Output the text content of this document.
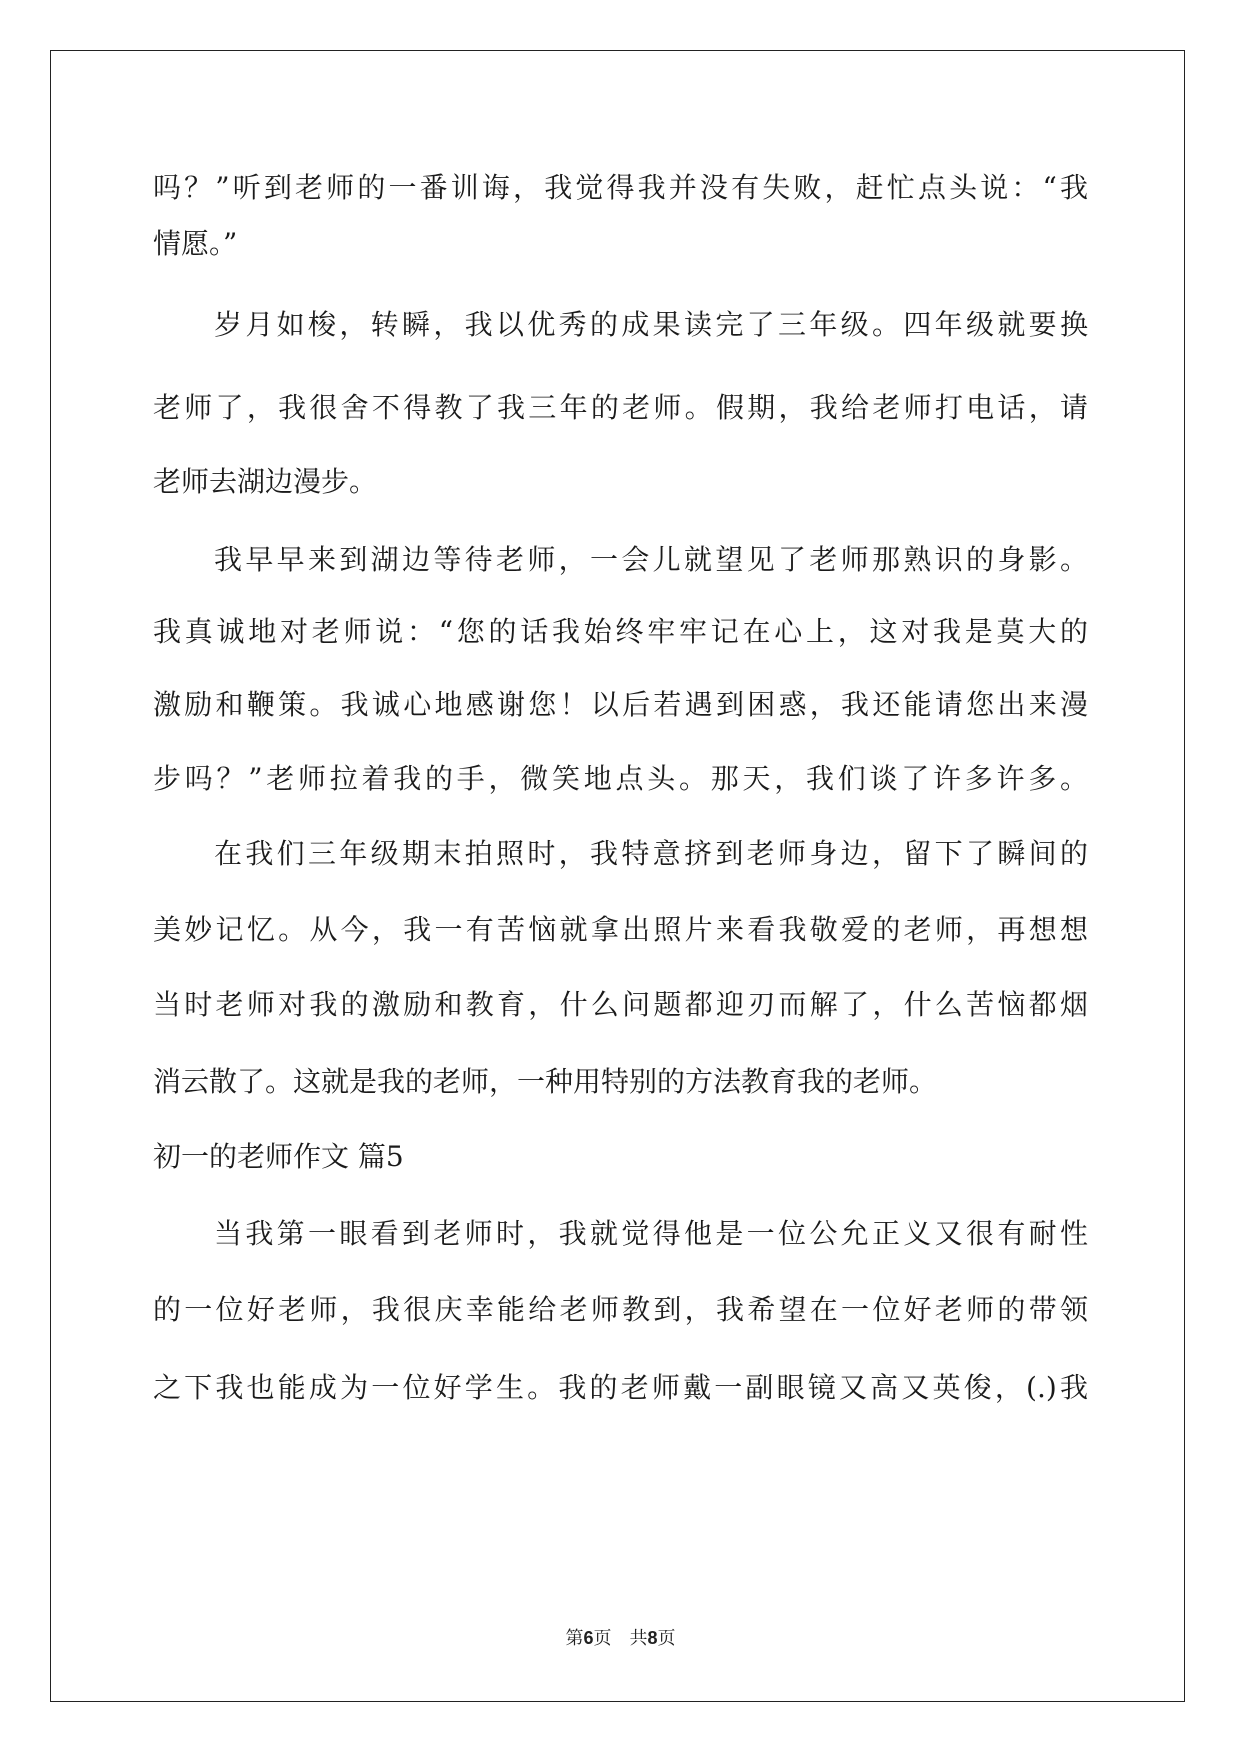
吗？”听到老师的一番训诲，我觉得我并没有失败，赶忙点头说：“我
情愿。”
岁月如梭，转瞬，我以优秀的成果读完了三年级。四年级就要换
老师了，我很舍不得教了我三年的老师。假期，我给老师打电话，请
老师去湖边漫步。
我早早来到湖边等待老师，一会儿就望见了老师那熟识的身影。
我真诚地对老师说：“您的话我始终牢牢记在心上，这对我是莫大的
激励和鞭策。我诚心地感谢您！以后若遇到困惑，我还能请您出来漫
步吗？”老师拉着我的手，微笑地点头。那天，我们谈了许多许多。
在我们三年级期末拍照时，我特意挤到老师身边，留下了瞬间的
美妙记忆。从今，我一有苦恼就拿出照片来看我敬爱的老师，再想想
当时老师对我的激励和教育，什么问题都迎刃而解了，什么苦恼都烟
消云散了。这就是我的老师，一种用特别的方法教育我的老师。
初一的老师作文 篇5
当我第一眼看到老师时，我就觉得他是一位公允正义又很有耐性
的一位好老师，我很庆幸能给老师教到，我希望在一位好老师的带领
之下我也能成为一位好学生。我的老师戴一副眼镜又高又英俊，(.)我
第6页　共8页
